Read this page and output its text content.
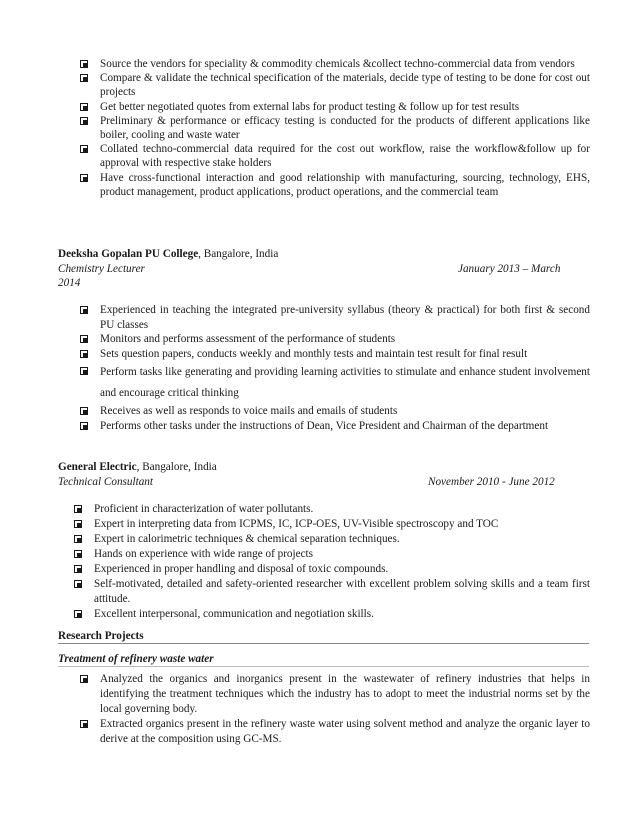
Source the vendors for speciality & commodity chemicals &collect techno-commercial data from vendors
Compare & validate the technical specification of the materials, decide type of testing to be done for cost out projects
Get better negotiated quotes from external labs for product testing & follow up for test results
Preliminary & performance or efficacy testing is conducted for the products of different applications like boiler, cooling and waste water
Collated techno-commercial data required for the cost out workflow, raise the workflow&follow up for approval with respective stake holders
Have cross-functional interaction and good relationship with manufacturing, sourcing, technology, EHS, product management, product applications, product operations, and the commercial team
Deeksha Gopalan PU College, Bangalore, India
Chemistry Lecturer	January 2013 – March
2014
Experienced in teaching the integrated pre-university syllabus (theory & practical) for both first & second PU classes
Monitors and performs assessment of the performance of students
Sets question papers, conducts weekly and monthly tests and maintain test result for final result
Perform tasks like generating and providing learning activities to stimulate and enhance student involvement and encourage critical thinking
Receives as well as responds to voice mails and emails of students
Performs other tasks under the instructions of Dean, Vice President and Chairman of the department
General Electric, Bangalore, India
Technical Consultant	November 2010 - June 2012
Proficient in characterization of water pollutants.
Expert in interpreting data from ICPMS, IC, ICP-OES, UV-Visible spectroscopy and TOC
Expert in calorimetric techniques & chemical separation techniques.
Hands on experience with wide range of projects
Experienced in proper handling and disposal of toxic compounds.
Self-motivated, detailed and safety-oriented researcher with excellent problem solving skills and a team first attitude.
Excellent interpersonal, communication and negotiation skills.
Research Projects
Treatment of refinery waste water
Analyzed the organics and inorganics present in the wastewater of refinery industries that helps in identifying the treatment techniques which the industry has to adopt to meet the industrial norms set by the local governing body.
Extracted organics present in the refinery waste water using solvent method and analyze the organic layer to derive at the composition using GC-MS.
